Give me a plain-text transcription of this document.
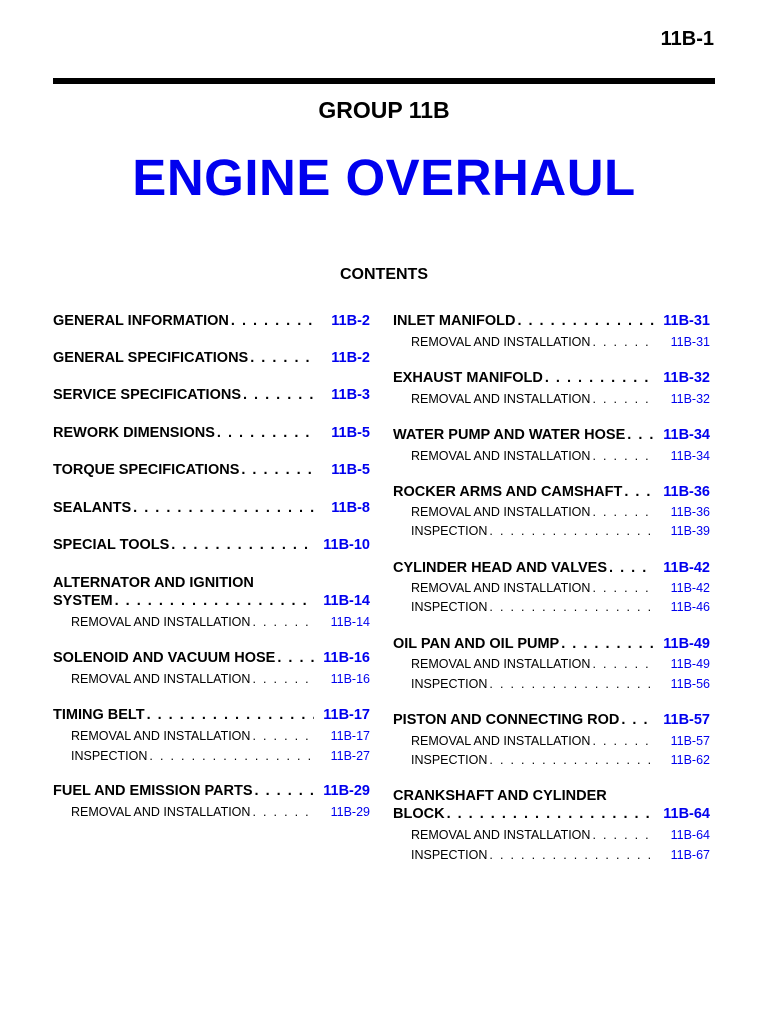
11B-1
GROUP 11B
ENGINE OVERHAUL
CONTENTS
GENERAL INFORMATION . . .	11B-2
GENERAL SPECIFICATIONS . . .	11B-2
SERVICE SPECIFICATIONS . . .	11B-3
REWORK DIMENSIONS . . .	11B-5
TORQUE SPECIFICATIONS . . .	11B-5
SEALANTS . . .	11B-8
SPECIAL TOOLS . . .	11B-10
ALTERNATOR AND IGNITION
SYSTEM . . .	11B-14
REMOVAL AND INSTALLATION . . .	11B-14
SOLENOID AND VACUUM HOSE . . .	11B-16
REMOVAL AND INSTALLATION . . .	11B-16
TIMING BELT . . .	11B-17
REMOVAL AND INSTALLATION . . .	11B-17
INSPECTION . . .	11B-27
FUEL AND EMISSION PARTS . . .	11B-29
REMOVAL AND INSTALLATION . . .	11B-29
INLET MANIFOLD . . .	11B-31
REMOVAL AND INSTALLATION . . .	11B-31
EXHAUST MANIFOLD . . .	11B-32
REMOVAL AND INSTALLATION . . .	11B-32
WATER PUMP AND WATER HOSE . . .	11B-34
REMOVAL AND INSTALLATION . . .	11B-34
ROCKER ARMS AND CAMSHAFT . . .	11B-36
REMOVAL AND INSTALLATION . . .	11B-36
INSPECTION . . .	11B-39
CYLINDER HEAD AND VALVES . . .	11B-42
REMOVAL AND INSTALLATION . . .	11B-42
INSPECTION . . .	11B-46
OIL PAN AND OIL PUMP . . .	11B-49
REMOVAL AND INSTALLATION . . .	11B-49
INSPECTION . . .	11B-56
PISTON AND CONNECTING ROD . . .	11B-57
REMOVAL AND INSTALLATION . . .	11B-57
INSPECTION . . .	11B-62
CRANKSHAFT AND CYLINDER
BLOCK . . .	11B-64
REMOVAL AND INSTALLATION . . .	11B-64
INSPECTION . . .	11B-67
